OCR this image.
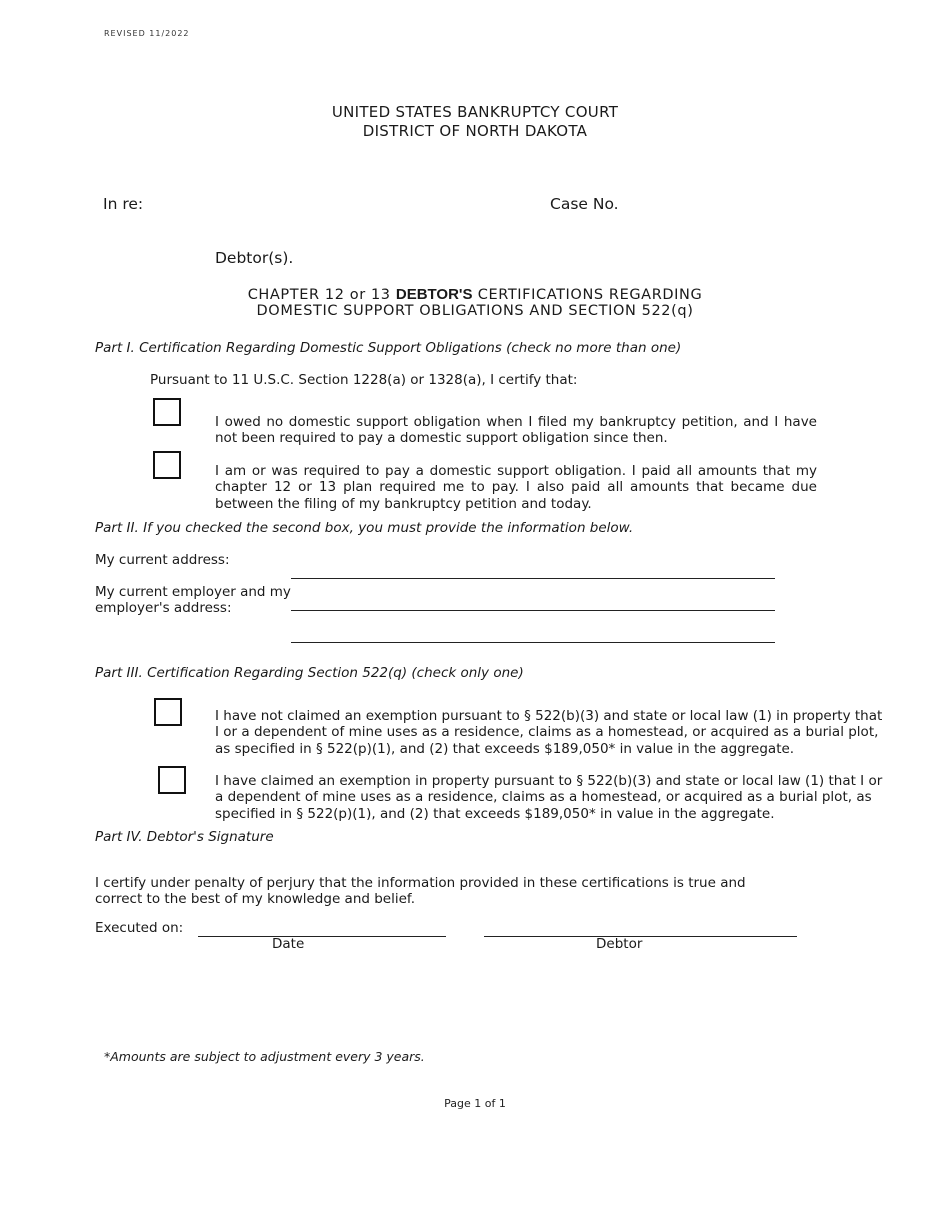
REVISED 11/2022

UNITED STATES BANKRUPTCY COURT

DISTRICT OF NORTH DAKOTA

In re:	Case No.

Debtor(s).

CHAPTER 12 or 13 DEBTOR'S CERTIFICATIONS REGARDING

DOMESTIC SUPPORT OBLIGATIONS AND SECTION 522(q)

Part I. Certification Regarding Domestic Support Obligations (check no more than one)

Pursuant to 11 U.S.C. Section 1228(a) or 1328(a), I certify that:

I owed no domestic support obligation when I filed my bankruptcy petition, and I have not been required to pay a domestic support obligation since then.

I am or was required to pay a domestic support obligation. I paid all amounts that my chapter 12 or 13 plan required me to pay. I also paid all amounts that became due between the filing of my bankruptcy petition and today.

Part II. If you checked the second box, you must provide the information below.

My current address:

My current employer and my

employer's address:

Part III. Certification Regarding Section 522(q) (check only one)

I have not claimed an exemption pursuant to § 522(b)(3) and state or local law (1) in property that I or a dependent of mine uses as a residence, claims as a homestead, or acquired as a burial plot, as specified in § 522(p)(1), and (2) that exceeds $189,050* in value in the aggregate.

I have claimed an exemption in property pursuant to § 522(b)(3) and state or local law (1) that I or a dependent of mine uses as a residence, claims as a homestead, or acquired as a burial plot, as specified in § 522(p)(1), and (2) that exceeds $189,050* in value in the aggregate.

Part IV. Debtor's Signature

I certify under penalty of perjury that the information provided in these certifications is true and correct to the best of my knowledge and belief.

Executed on:

Date	Debtor

*Amounts are subject to adjustment every 3 years.

Page 1 of 1
